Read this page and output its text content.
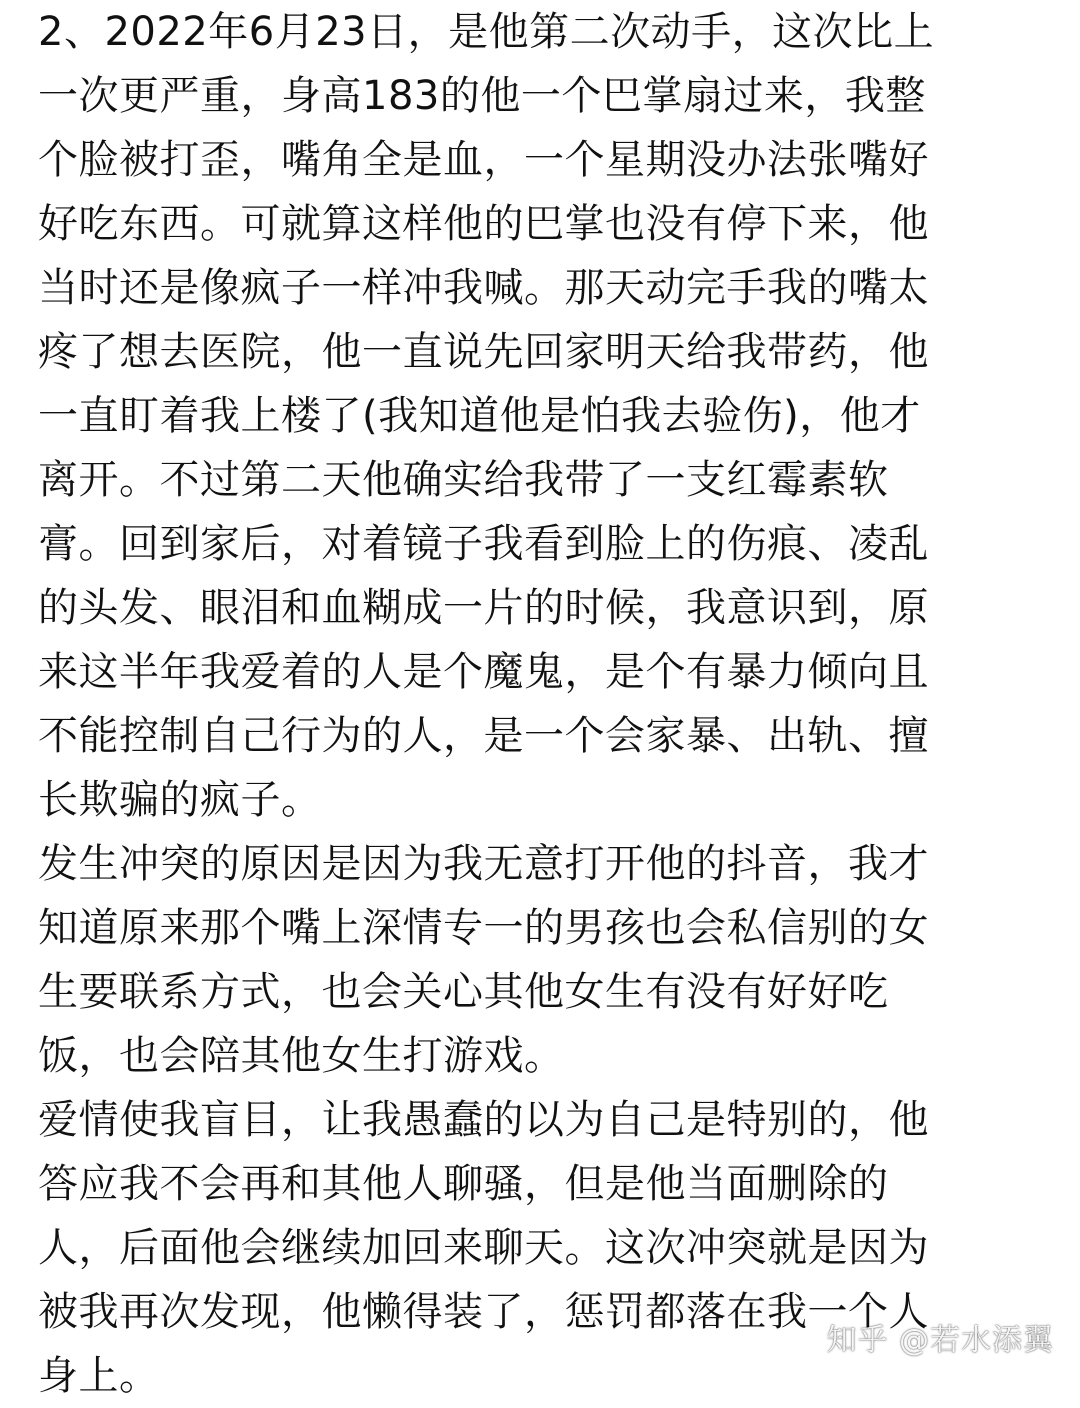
2、2022年6月23日，是他第二次动手，这次比上
一次更严重，身高183的他一个巴掌扇过来，我整
个脸被打歪，嘴角全是血，一个星期没办法张嘴好
好吃东西。可就算这样他的巴掌也没有停下来，他
当时还是像疯子一样冲我喊。那天动完手我的嘴太
疼了想去医院，他一直说先回家明天给我带药，他
一直盯着我上楼了(我知道他是怕我去验伤)，他才
离开。不过第二天他确实给我带了一支红霉素软
膏。回到家后，对着镜子我看到脸上的伤痕、凌乱
的头发、眼泪和血糊成一片的时候，我意识到，原
来这半年我爱着的人是个魔鬼，是个有暴力倾向且
不能控制自己行为的人，是一个会家暴、出轨、擅
长欺骗的疯子。
发生冲突的原因是因为我无意打开他的抖音，我才
知道原来那个嘴上深情专一的男孩也会私信别的女
生要联系方式，也会关心其他女生有没有好好吃
饭，也会陪其他女生打游戏。
爱情使我盲目，让我愚蠢的以为自己是特别的，他
答应我不会再和其他人聊骚，但是他当面删除的
人，后面他会继续加回来聊天。这次冲突就是因为
被我再次发现，他懒得装了，惩罚都落在我一个人
身上。
知乎 @若水添翼
